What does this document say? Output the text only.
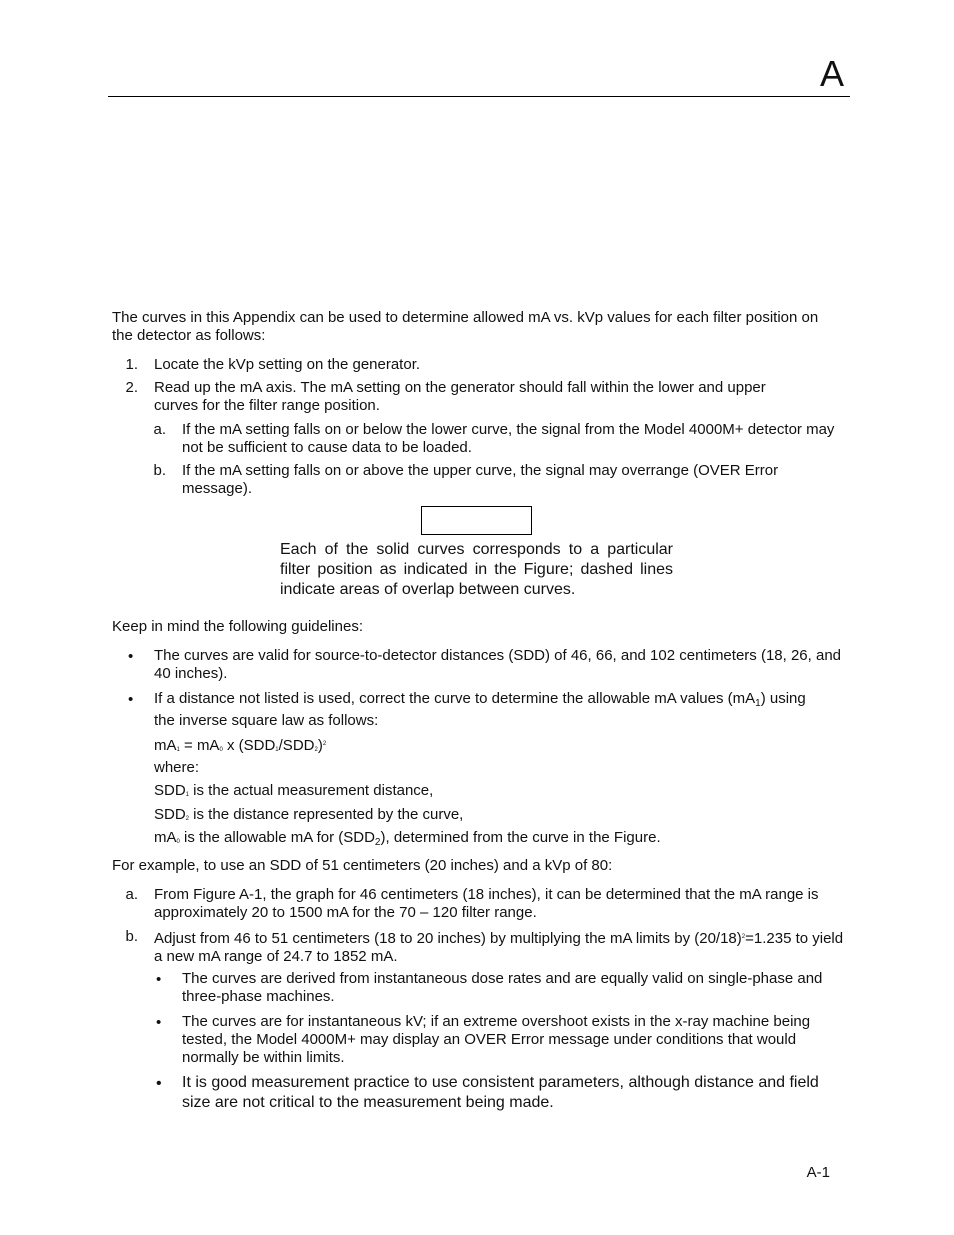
A
The curves in this Appendix can be used to determine allowed mA vs. kVp values for each filter position on the detector as follows:
1. Locate the kVp setting on the generator.
2. Read up the mA axis. The mA setting on the generator should fall within the lower and upper curves for the filter range position.
a. If the mA setting falls on or below the lower curve, the signal from the Model 4000M+ detector may not be sufficient to cause data to be loaded.
b. If the mA setting falls on or above the upper curve, the signal may overrange (OVER Error message).
Each of the solid curves corresponds to a particular filter position as indicated in the Figure; dashed lines indicate areas of overlap between curves.
Keep in mind the following guidelines:
• The curves are valid for source-to-detector distances (SDD) of 46, 66, and 102 centimeters (18, 26, and 40 inches).
• If a distance not listed is used, correct the curve to determine the allowable mA values $(mA_1)$ using
the inverse square law as follows:
mA1 = mA0 x $(SDD1/SDD2)^2$
where:
SDD1 is the actual measurement distance,
SDD2 is the distance represented by the curve,
mA0 is the allowable mA for $(SDD_2)$, determined from the curve in the Figure.
For example, to use an SDD of 51 centimeters (20 inches) and a kVp of 80:
a. From Figure A-1, the graph for 46 centimeters (18 inches), it can be determined that the mA range is approximately 20 to 1500 mA for the 70 – 120 filter range.
b. Adjust from 46 to 51 centimeters (18 to 20 inches) by multiplying the mA limits by $(20/18)^2=1.235$ to yield a new mA range of 24.7 to 1852 mA.
• The curves are derived from instantaneous dose rates and are equally valid on single-phase and three-phase machines.
• The curves are for instantaneous kV; if an extreme overshoot exists in the x-ray machine being tested, the Model 4000M+ may display an OVER Error message under conditions that would normally be within limits.
• It is good measurement practice to use consistent parameters, although distance and field size are not critical to the measurement being made.
A-1
